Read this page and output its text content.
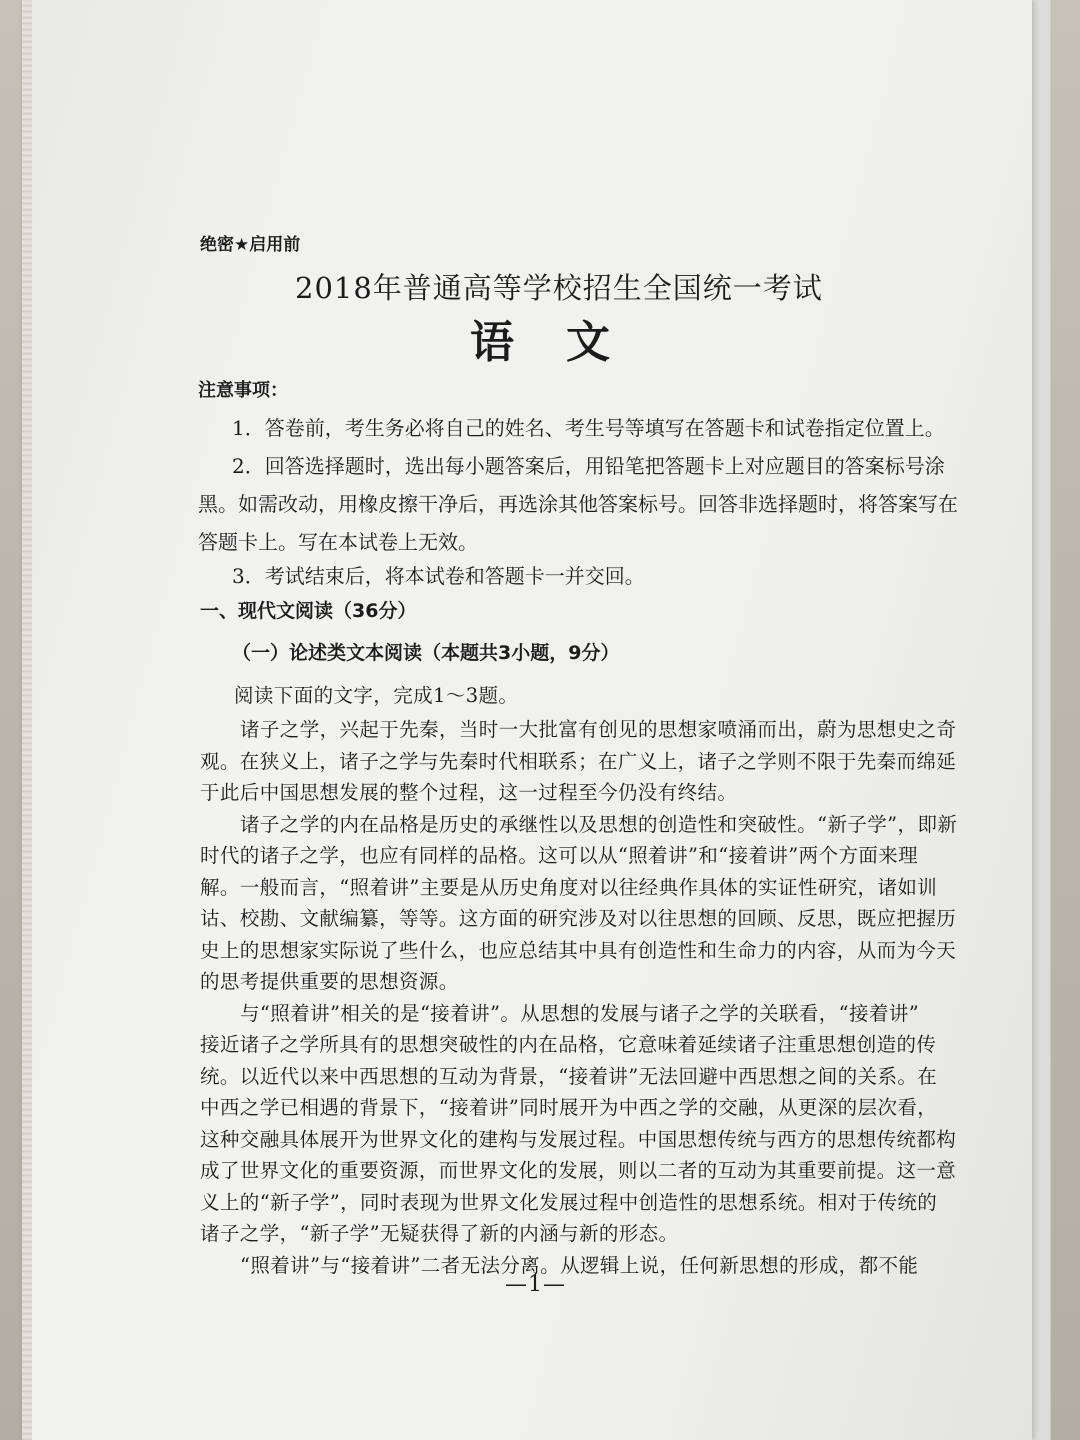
绝密★启用前
2018年普通高等学校招生全国统一考试
语文
注意事项：
1．答卷前，考生务必将自己的姓名、考生号等填写在答题卡和试卷指定位置上。
2．回答选择题时，选出每小题答案后，用铅笔把答题卡上对应题目的答案标号涂
黑。如需改动，用橡皮擦干净后，再选涂其他答案标号。回答非选择题时，将答案写在
答题卡上。写在本试卷上无效。
3．考试结束后，将本试卷和答题卡一并交回。
一、现代文阅读（36分）
（一）论述类文本阅读（本题共3小题，9分）
阅读下面的文字，完成1～3题。
—1—
诸子之学，兴起于先秦，当时一大批富有创见的思想家喷涌而出，蔚为思想史之奇
观。在狭义上，诸子之学与先秦时代相联系；在广义上，诸子之学则不限于先秦而绵延
于此后中国思想发展的整个过程，这一过程至今仍没有终结。
诸子之学的内在品格是历史的承继性以及思想的创造性和突破性。“新子学”，即新
时代的诸子之学，也应有同样的品格。这可以从“照着讲”和“接着讲”两个方面来理
解。一般而言，“照着讲”主要是从历史角度对以往经典作具体的实证性研究，诸如训
诂、校勘、文献编纂，等等。这方面的研究涉及对以往思想的回顾、反思，既应把握历
史上的思想家实际说了些什么，也应总结其中具有创造性和生命力的内容，从而为今天
的思考提供重要的思想资源。
与“照着讲”相关的是“接着讲”。从思想的发展与诸子之学的关联看，“接着讲”
接近诸子之学所具有的思想突破性的内在品格，它意味着延续诸子注重思想创造的传
统。以近代以来中西思想的互动为背景，“接着讲”无法回避中西思想之间的关系。在
中西之学已相遇的背景下，“接着讲”同时展开为中西之学的交融，从更深的层次看，
这种交融具体展开为世界文化的建构与发展过程。中国思想传统与西方的思想传统都构
成了世界文化的重要资源，而世界文化的发展，则以二者的互动为其重要前提。这一意
义上的“新子学”，同时表现为世界文化发展过程中创造性的思想系统。相对于传统的
诸子之学，“新子学”无疑获得了新的内涵与新的形态。
“照着讲”与“接着讲”二者无法分离。从逻辑上说，任何新思想的形成，都不能
